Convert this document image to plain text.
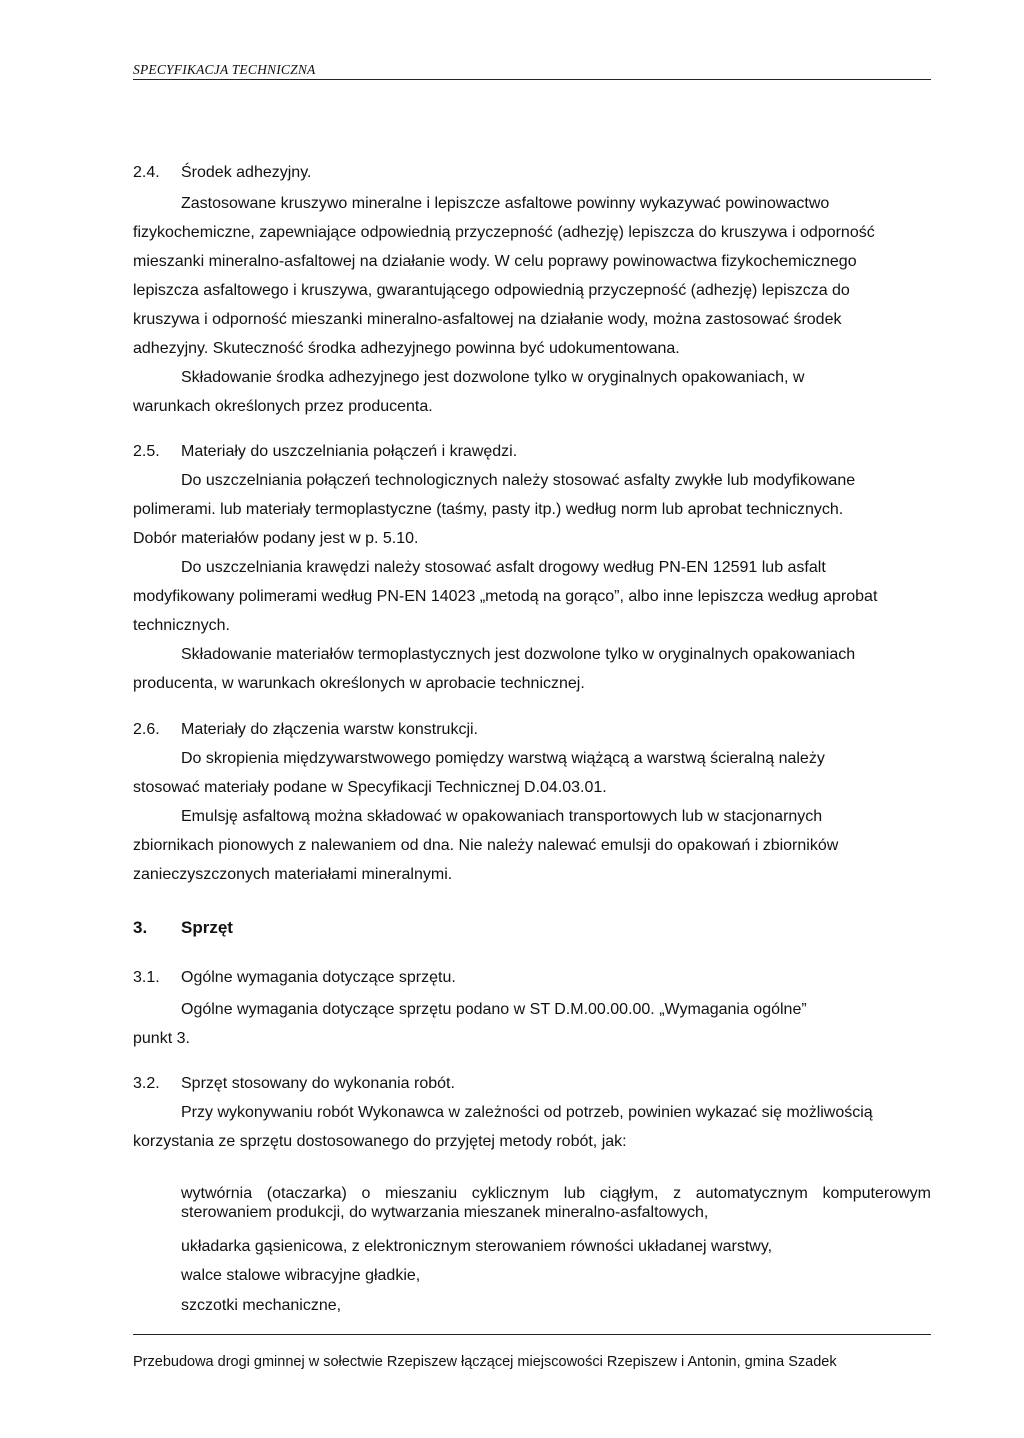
SPECYFIKACJA TECHNICZNA
2.4. Środek adhezyjny.
Zastosowane kruszywo mineralne i lepiszcze asfaltowe powinny wykazywać powinowactwo
fizykochemiczne, zapewniające odpowiednią przyczepność (adhezję) lepiszcza do kruszywa i odporność
mieszanki mineralno-asfaltowej na działanie wody. W celu poprawy powinowactwa fizykochemicznego
lepiszcza asfaltowego i kruszywa, gwarantującego odpowiednią przyczepność (adhezję) lepiszcza do
kruszywa i odporność mieszanki mineralno-asfaltowej na działanie wody, można zastosować środek
adhezyjny. Skuteczność środka adhezyjnego powinna być udokumentowana.
Składowanie środka adhezyjnego jest dozwolone tylko w oryginalnych opakowaniach, w
warunkach określonych przez producenta.
2.5. Materiały do uszczelniania połączeń i krawędzi.
Do uszczelniania połączeń technologicznych należy stosować asfalty zwykłe lub modyfikowane
polimerami. lub materiały termoplastyczne (taśmy, pasty itp.) według norm lub aprobat technicznych.
Dobór materiałów podany jest w p. 5.10.
Do uszczelniania krawędzi należy stosować asfalt drogowy według PN-EN 12591 lub asfalt
modyfikowany polimerami według PN-EN 14023 „metodą na gorąco”, albo inne lepiszcza według aprobat
technicznych.
Składowanie materiałów termoplastycznych jest dozwolone tylko w oryginalnych opakowaniach
producenta, w warunkach określonych w aprobacie technicznej.
2.6. Materiały do złączenia warstw konstrukcji.
Do skropienia międzywarstwowego pomiędzy warstwą wiążącą a warstwą ścieralną należy
stosować materiały podane w Specyfikacji Technicznej D.04.03.01.
Emulsję asfaltową można składować w opakowaniach transportowych lub w stacjonarnych
zbiornikach pionowych z nalewaniem od dna. Nie należy nalewać emulsji do opakowań i zbiorników
zanieczyszczonych materiałami mineralnymi.
3. Sprzęt
3.1. Ogólne wymagania dotyczące sprzętu.
Ogólne wymagania dotyczące sprzętu podano w ST D.M.00.00.00. „Wymagania ogólne”
punkt 3.
3.2. Sprzęt stosowany do wykonania robót.
Przy wykonywaniu robót Wykonawca w zależności od potrzeb, powinien wykazać się możliwością
korzystania ze sprzętu dostosowanego do przyjętej metody robót, jak:
wytwórnia (otaczarka) o mieszaniu cyklicznym lub ciągłym, z automatycznym komputerowym sterowaniem produkcji, do wytwarzania mieszanek mineralno-asfaltowych,
układarka gąsienicowa, z elektronicznym sterowaniem równości układanej warstwy,
walce stalowe wibracyjne gładkie,
szczotki mechaniczne,
Przebudowa drogi gminnej w sołectwie Rzepiszew łączącej miejscowości Rzepiszew i Antonin, gmina Szadek
